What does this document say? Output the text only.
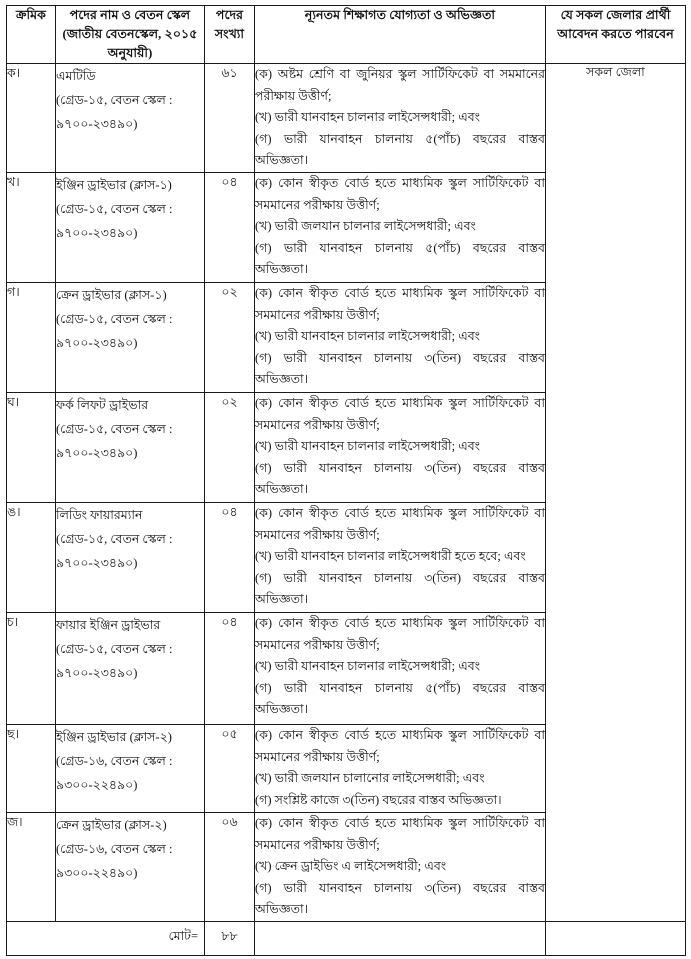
ক্রমিক	পদের নাম ও বেতন স্কেল
(জাতীয় বেতনস্কেল, ২০১৫
অনুযায়ী)	পদের
সংখ্যা	ন্যূনতম শিক্ষাগত যোগ্যতা ও অভিজ্ঞতা	যে সকল জেলার প্রার্থী
আবেদন করতে পারবেন
ক।	এমটিডি
(গ্রেড-১৫, বেতন স্কেল :
৯৭০০-২৩৪৯০)	৬১	(ক) অষ্টম শ্রেণি বা জুনিয়র স্কুল সার্টিফিকেট বা সমমানের পরীক্ষায় উত্তীর্ণ;
(খ) ভারী যানবাহন চালনার লাইসেন্সধারী; এবং
(গ) ভারী যানবাহন চালনায় ৫(পাঁচ) বছরের বাস্তব অভিজ্ঞতা।	সকল জেলা
খ।	ইঞ্জিন ড্রাইভার (ক্লাস-১)
(গ্রেড-১৫, বেতন স্কেল :
৯৭০০-২৩৪৯০)	০৪	(ক) কোন স্বীকৃত বোর্ড হতে মাধ্যমিক স্কুল সার্টিফিকেট বা সমমানের পরীক্ষায় উত্তীর্ণ;
(খ) ভারী জলযান চালনার লাইসেন্সধারী; এবং
(গ) ভারী যানবাহন চালনায় ৫(পাঁচ) বছরের বাস্তব অভিজ্ঞতা।	

গ।	ক্রেন ড্রাইভার (ক্লাস-১)
(গ্রেড-১৫, বেতন স্কেল :
৯৭০০-২৩৪৯০)	০২	(ক) কোন স্বীকৃত বোর্ড হতে মাধ্যমিক স্কুল সার্টিফিকেট বা সমমানের পরীক্ষায় উত্তীর্ণ;
(খ) ভারী যানবাহন চালনার লাইসেন্সধারী; এবং
(গ) ভারী যানবাহন চালনায় ৩(তিন) বছরের বাস্তব অভিজ্ঞতা।	

ঘ।	ফর্ক লিফট ড্রাইভার
(গ্রেড-১৫, বেতন স্কেল :
৯৭০০-২৩৪৯০)	০২	(ক) কোন স্বীকৃত বোর্ড হতে মাধ্যমিক স্কুল সার্টিফিকেট বা সমমানের পরীক্ষায় উত্তীর্ণ;
(খ) ভারী যানবাহন চালনার লাইসেন্সধারী; এবং
(গ) ভারী যানবাহন চালনায় ৩(তিন) বছরের বাস্তব অভিজ্ঞতা।	

ঙ।	লিডিং ফায়ারম্যান
(গ্রেড-১৫, বেতন স্কেল :
৯৭০০-২৩৪৯০)	০৪	(ক) কোন স্বীকৃত বোর্ড হতে মাধ্যমিক স্কুল সার্টিফিকেট বা সমমানের পরীক্ষায় উত্তীর্ণ;
(খ) ভারী যানবাহন চালনার লাইসেন্সধারী হতে হবে; এবং
(গ) ভারী যানবাহন চালনায় ৩(তিন) বছরের বাস্তব অভিজ্ঞতা।	

চ।	ফায়ার ইঞ্জিন ড্রাইভার
(গ্রেড-১৫, বেতন স্কেল :
৯৭০০-২৩৪৯০)	০৪	(ক) কোন স্বীকৃত বোর্ড হতে মাধ্যমিক স্কুল সার্টিফিকেট বা সমমানের পরীক্ষায় উত্তীর্ণ;
(খ) ভারী যানবাহন চালনার লাইসেন্সধারী; এবং
(গ) ভারী যানবাহন চালনায় ৫(পাঁচ) বছরের বাস্তব অভিজ্ঞতা।	

ছ।	ইঞ্জিন ড্রাইভার (ক্লাস-২)
(গ্রেড-১৬, বেতন স্কেল :
৯৩০০-২২৪৯০)	০৫	(ক) কোন স্বীকৃত বোর্ড হতে মাধ্যমিক স্কুল সার্টিফিকেট বা সমমানের পরীক্ষায় উত্তীর্ণ;
(খ) ভারী জলযান চালানোর লাইসেন্সধারী; এবং
(গ) সংশ্লিষ্ট কাজে ৩(তিন) বছরের বাস্তব অভিজ্ঞতা।	

জ।	ক্রেন ড্রাইভার (ক্লাস-২)
(গ্রেড-১৬, বেতন স্কেল :
৯৩০০-২২৪৯০)	০৬	(ক) কোন স্বীকৃত বোর্ড হতে মাধ্যমিক স্কুল সার্টিফিকেট বা সমমানের পরীক্ষায় উত্তীর্ণ;
(খ) ক্রেন ড্রাইভিং এ লাইসেন্সধারী; এবং
(গ) ভারী যানবাহন চালনায় ৩(তিন) বছরের বাস্তব অভিজ্ঞতা।	

মোট=		৮৮		
